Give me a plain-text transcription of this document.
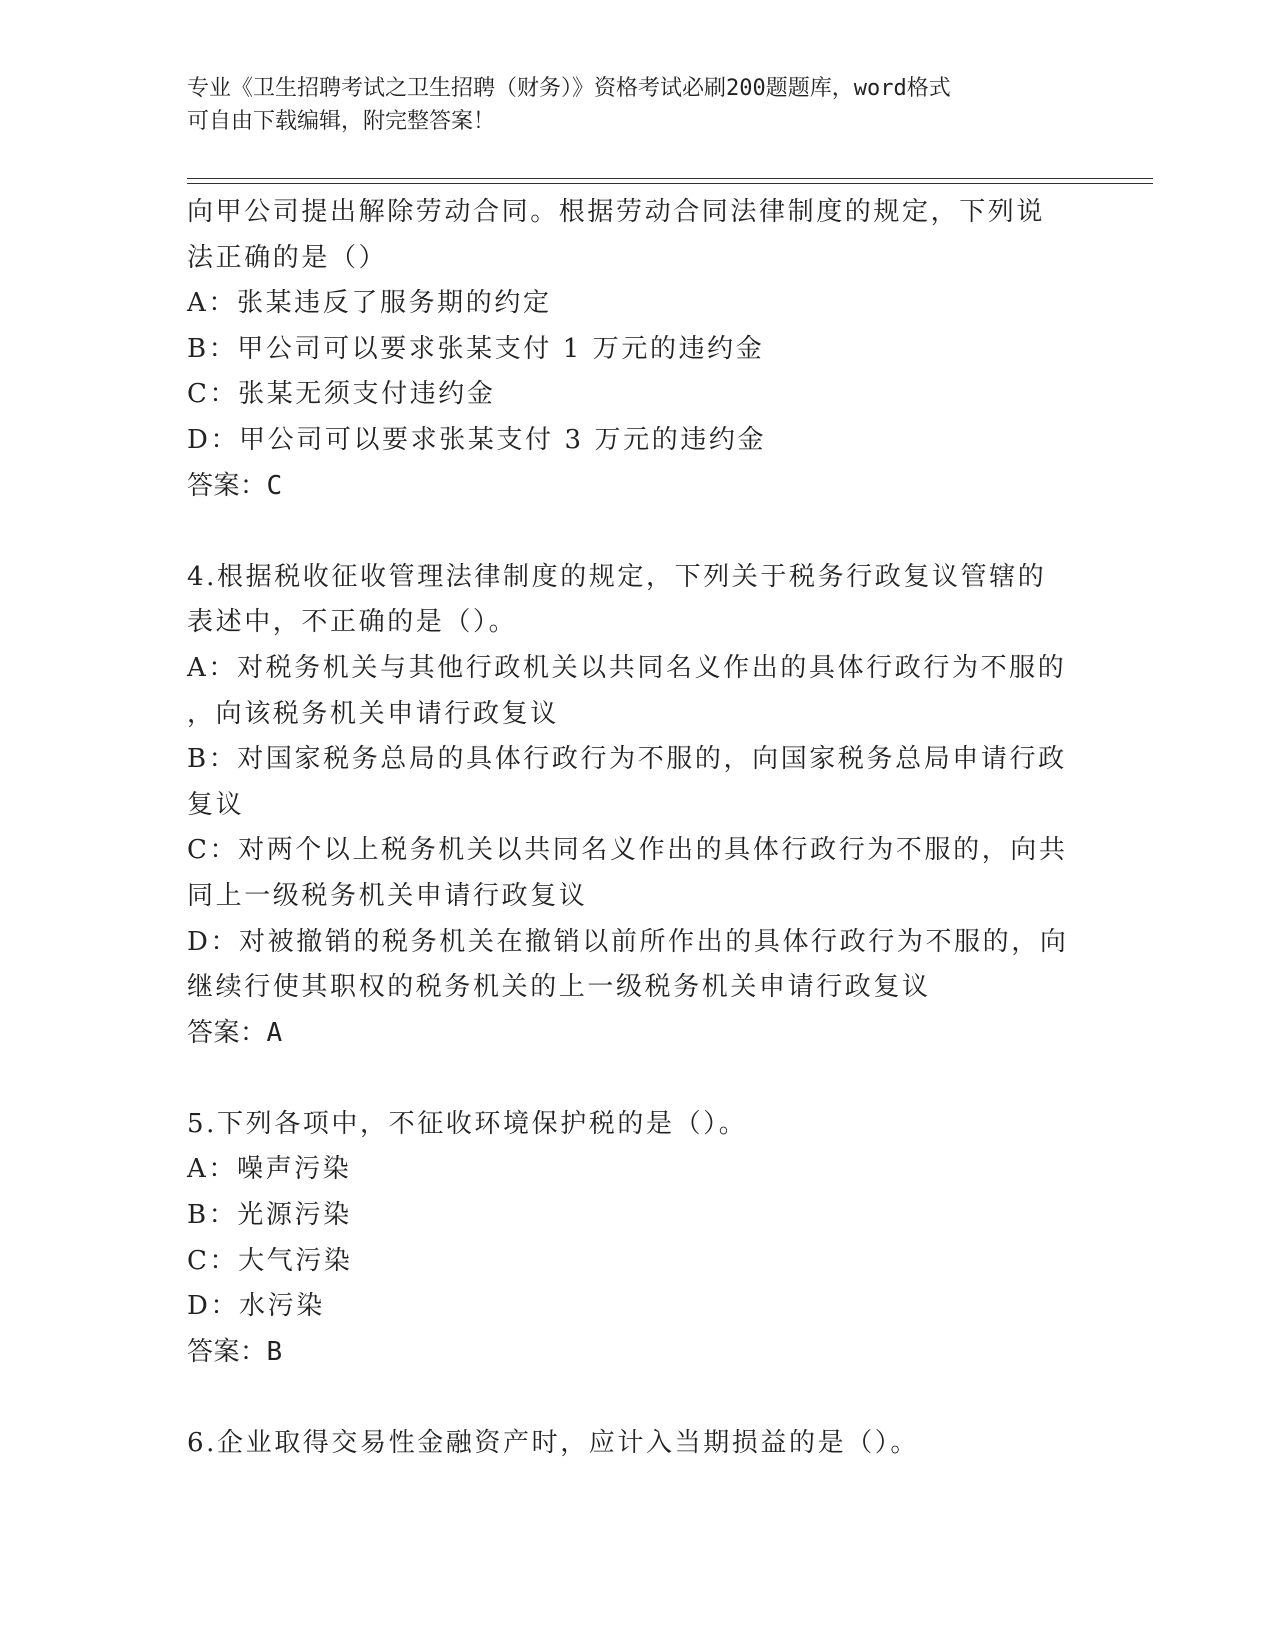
专业《卫生招聘考试之卫生招聘（财务）》资格考试必刷200题题库，word格式
可自由下载编辑，附完整答案！
向甲公司提出解除劳动合同。根据劳动合同法律制度的规定，下列说
法正确的是（）
A：张某违反了服务期的约定
B：甲公司可以要求张某支付 1 万元的违约金
C：张某无须支付违约金
D：甲公司可以要求张某支付 3 万元的违约金
答案：C
4.根据税收征收管理法律制度的规定，下列关于税务行政复议管辖的
表述中，不正确的是（）。
A：对税务机关与其他行政机关以共同名义作出的具体行政行为不服的
，向该税务机关申请行政复议
B：对国家税务总局的具体行政行为不服的，向国家税务总局申请行政
复议
C：对两个以上税务机关以共同名义作出的具体行政行为不服的，向共
同上一级税务机关申请行政复议
D：对被撤销的税务机关在撤销以前所作出的具体行政行为不服的，向
继续行使其职权的税务机关的上一级税务机关申请行政复议
答案：A
5.下列各项中，不征收环境保护税的是（）。
A：噪声污染
B：光源污染
C：大气污染
D：水污染
答案：B
6.企业取得交易性金融资产时，应计入当期损益的是（）。
